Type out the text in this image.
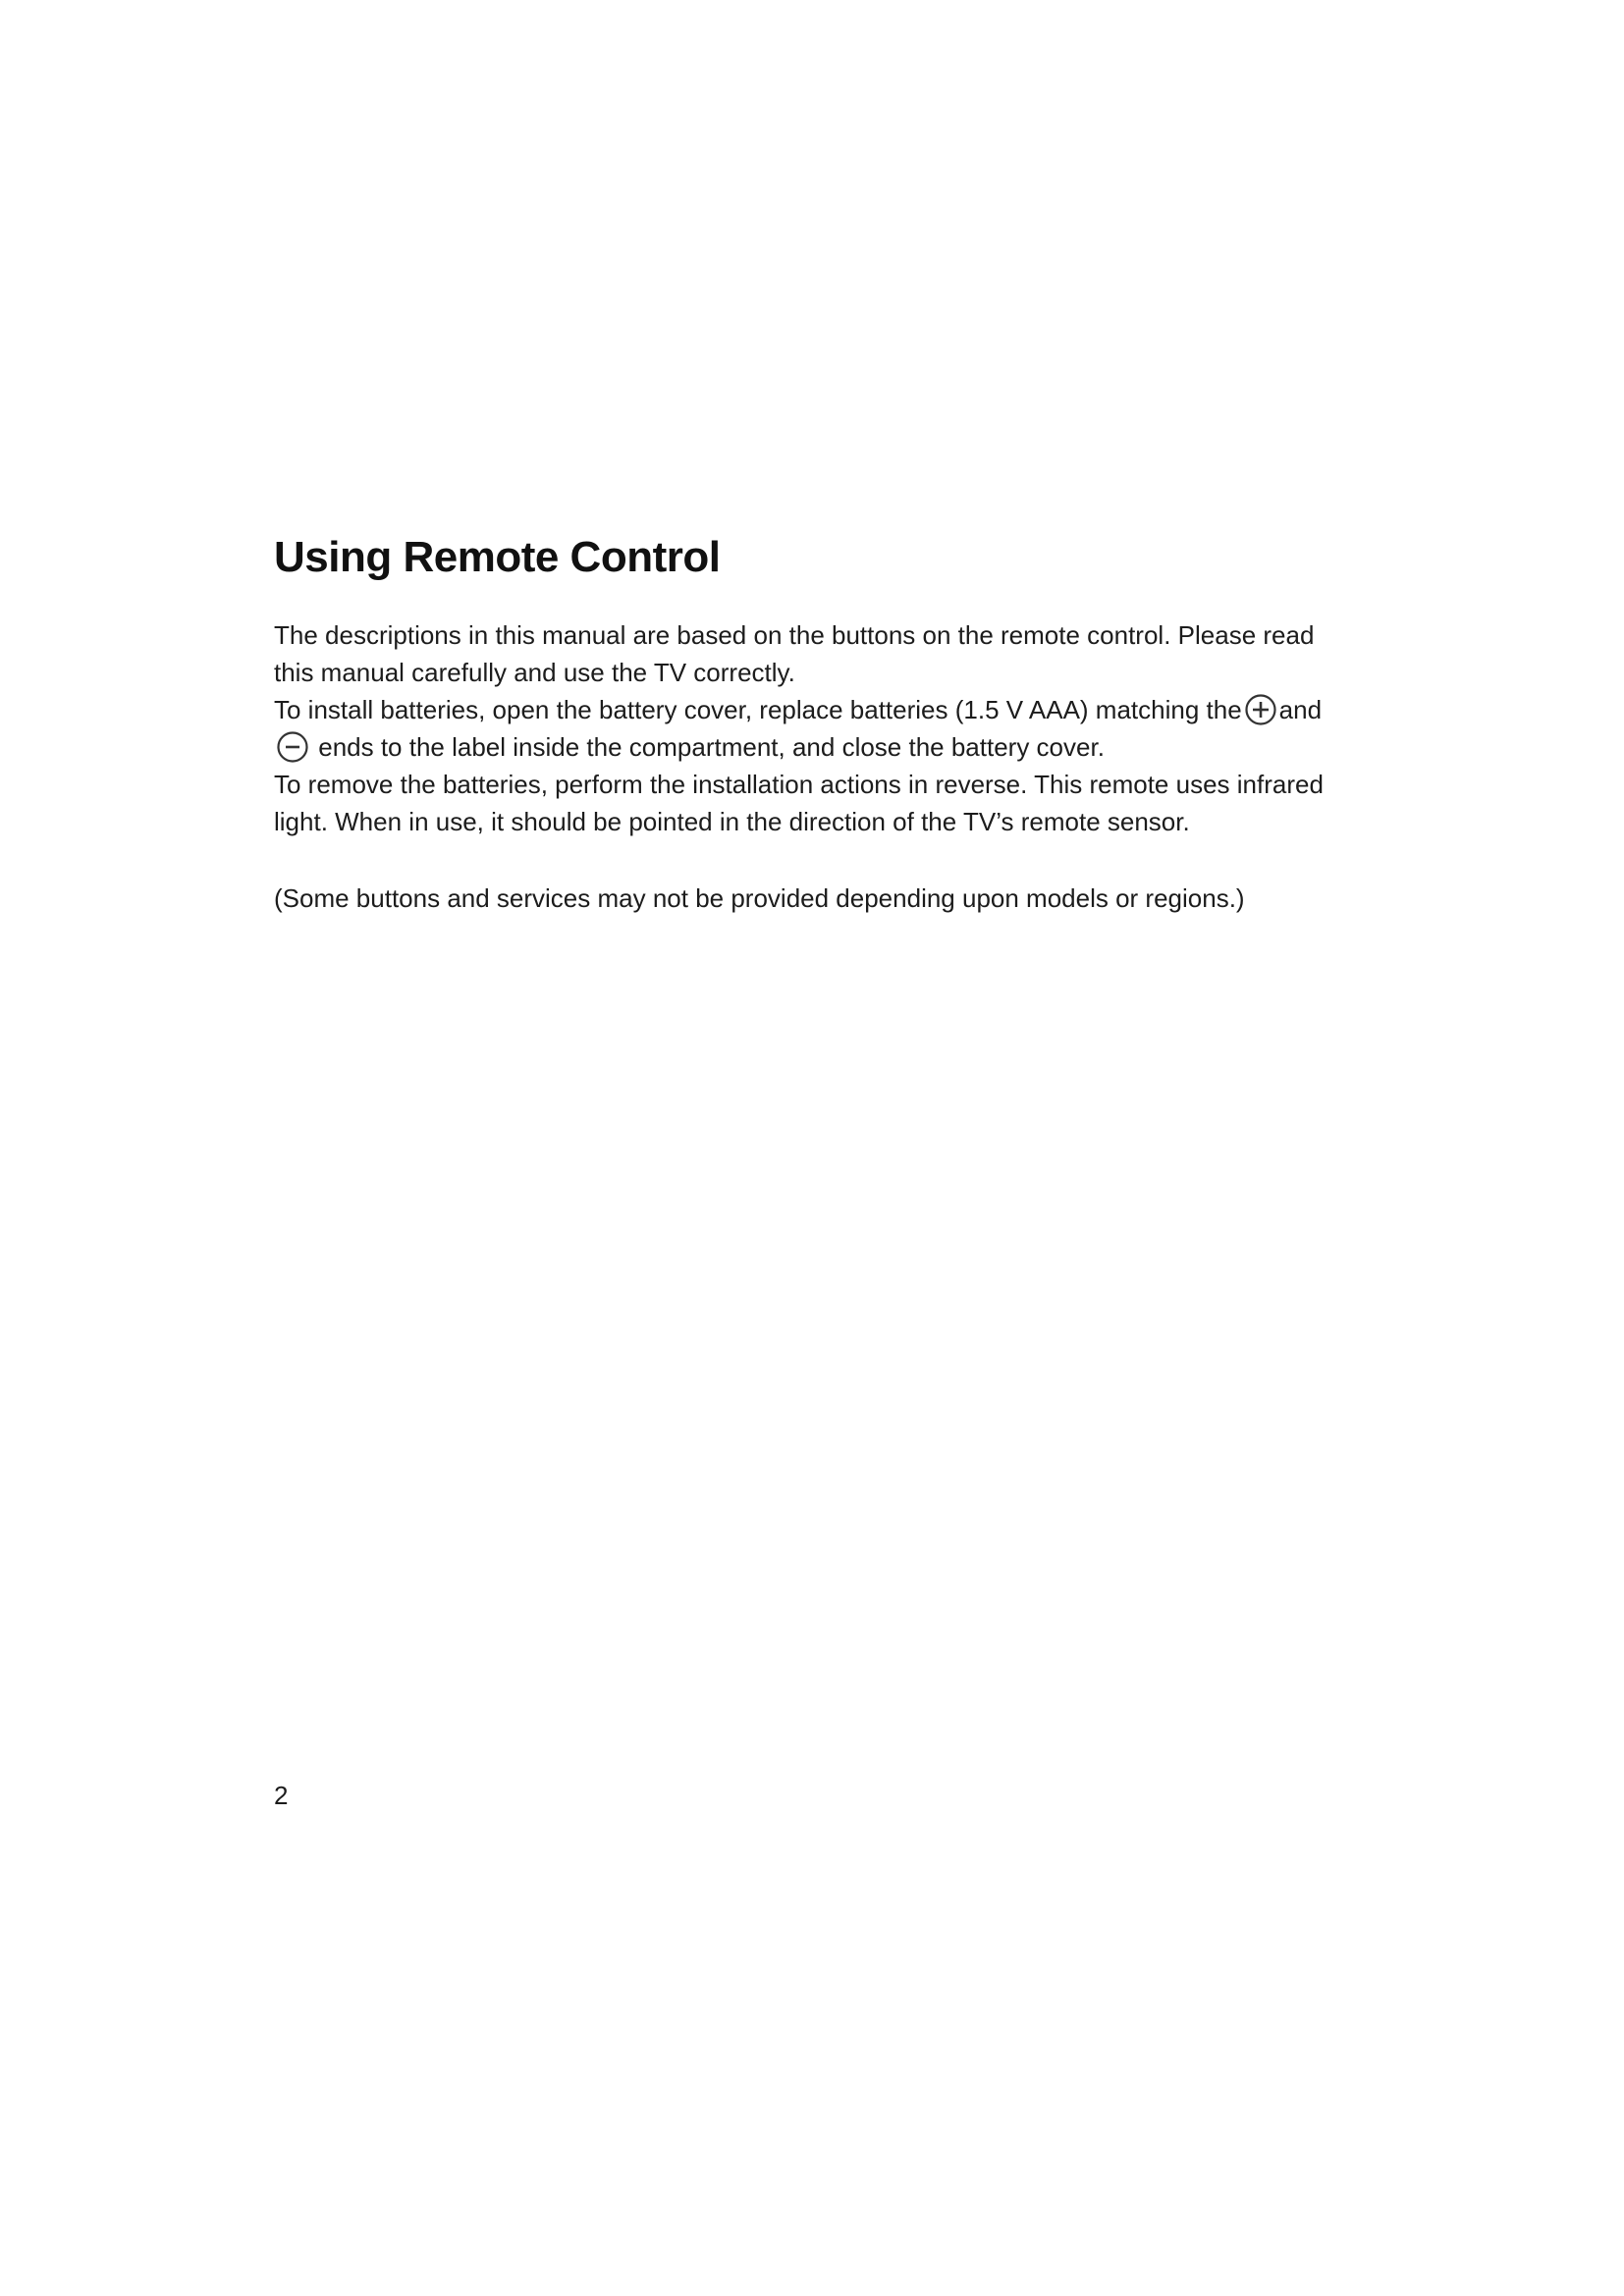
Using Remote Control

The descriptions in this manual are based on the buttons on the remote control. Please read this manual carefully and use the TV correctly.

To install batteries, open the battery cover, replace batteries (1.5 V AAA) matching the and

ends to the label inside the compartment, and close the battery cover.

To remove the batteries, perform the installation actions in reverse. This remote uses infrared light. When in use, it should be pointed in the direction of the TV’s remote sensor.

(Some buttons and services may not be provided depending upon models or regions.)

2
